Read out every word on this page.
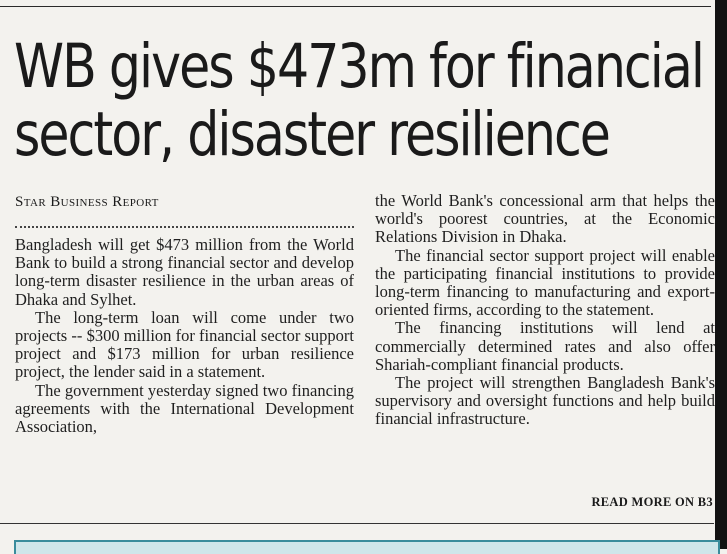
WB gives $473m for financial
sector, disaster resilience
Star Business Report

Bangladesh will get $473 million from the World Bank to build a strong financial sector and develop long-term disaster resilience in the urban areas of Dhaka and Sylhet.

The long-term loan will come under two projects -- $300 million for financial sector support project and $173 million for urban resilience project, the lender said in a statement.

The government yesterday signed two financing agreements with the International Development Association,

the World Bank's concessional arm that helps the world's poorest countries, at the Economic Relations Division in Dhaka.

The financial sector support project will enable the participating financial institutions to provide long-term financing to manufacturing and export-oriented firms, according to the statement.

The financing institutions will lend at commercially determined rates and also offer Shariah-compliant financial products.

The project will strengthen Bangladesh Bank's supervisory and oversight functions and help build financial infrastructure.

READ MORE ON B3
